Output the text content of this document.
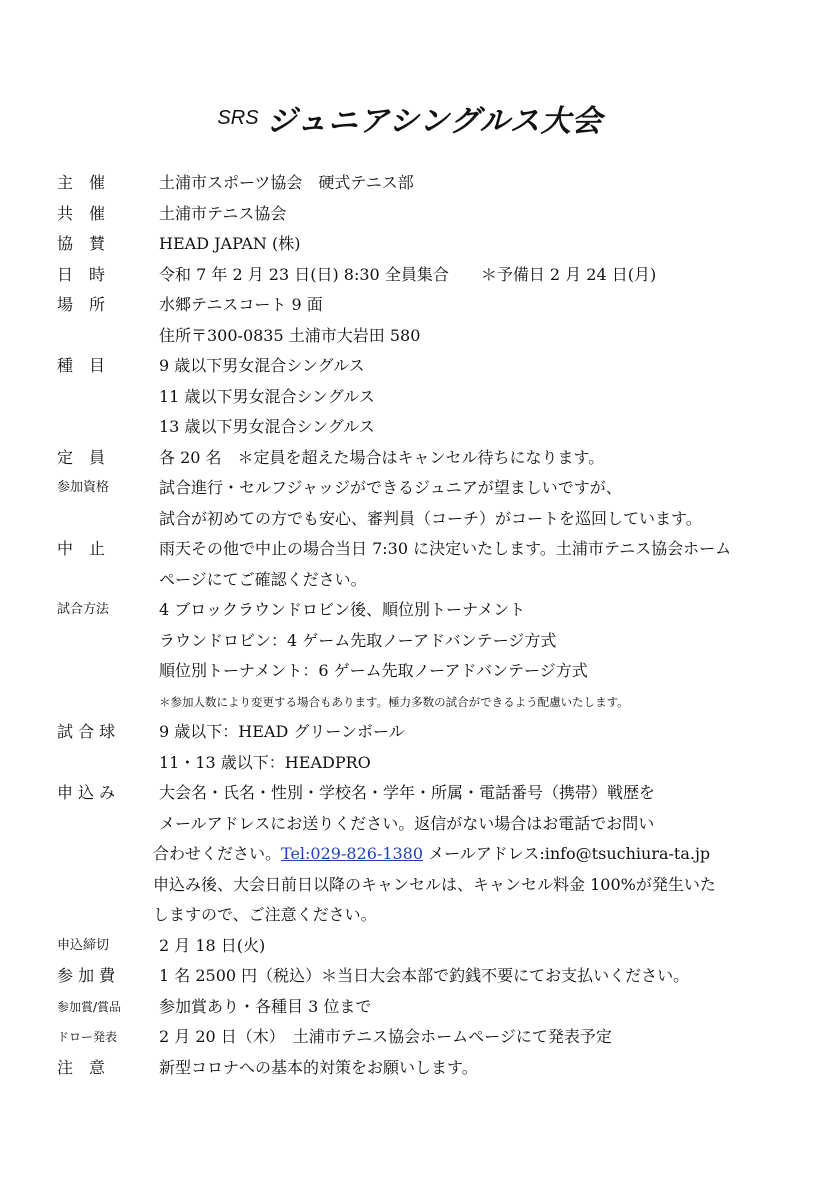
SRS ジュニアシングルス大会
主　催	土浦市スポーツ協会　硬式テニス部
共　催	土浦市テニス協会
協　賛	HEAD JAPAN (株)
日　時	令和 7 年 2 月 23 日(日) 8:30 全員集合　　＊予備日 2 月 24 日(月)
場　所	水郷テニスコート 9 面
住所〒300-0835 土浦市大岩田 580
種　目	9 歳以下男女混合シングルス
11 歳以下男女混合シングルス
13 歳以下男女混合シングルス
定　員	各 20 名　＊定員を超えた場合はキャンセル待ちになります。
参加資格	試合進行・セルフジャッジができるジュニアが望ましいですが、
試合が初めての方でも安心、審判員（コーチ）がコートを巡回しています。
中　止	雨天その他で中止の場合当日 7:30 に決定いたします。土浦市テニス協会ホーム
ページにてご確認ください。
試合方法	4 ブロックラウンドロビン後、順位別トーナメント
ラウンドロビン：4 ゲーム先取ノーアドバンテージ方式
順位別トーナメント：6 ゲーム先取ノーアドバンテージ方式
＊参加人数により変更する場合もあります。極力多数の試合ができるよう配慮いたします。
試 合 球	9 歳以下：HEAD グリーンボール
11・13 歳以下：HEADPRO
申 込 み	大会名・氏名・性別・学校名・学年・所属・電話番号（携帯）戦歴を
メールアドレスにお送りください。返信がない場合はお電話でお問い
合わせください。Tel:029-826-1380 メールアドレス:info@tsuchiura-ta.jp
申込み後、大会日前日以降のキャンセルは、キャンセル料金 100%が発生いた
しますので、ご注意ください。
申込締切	2 月 18 日(火)
参 加 費	1 名 2500 円（税込）＊当日大会本部で釣銭不要にてお支払いください。
参加賞/賞品	参加賞あり・各種目 3 位まで
ドロー発表	2 月 20 日（木）　土浦市テニス協会ホームページにて発表予定
注　意	新型コロナへの基本的対策をお願いします。
